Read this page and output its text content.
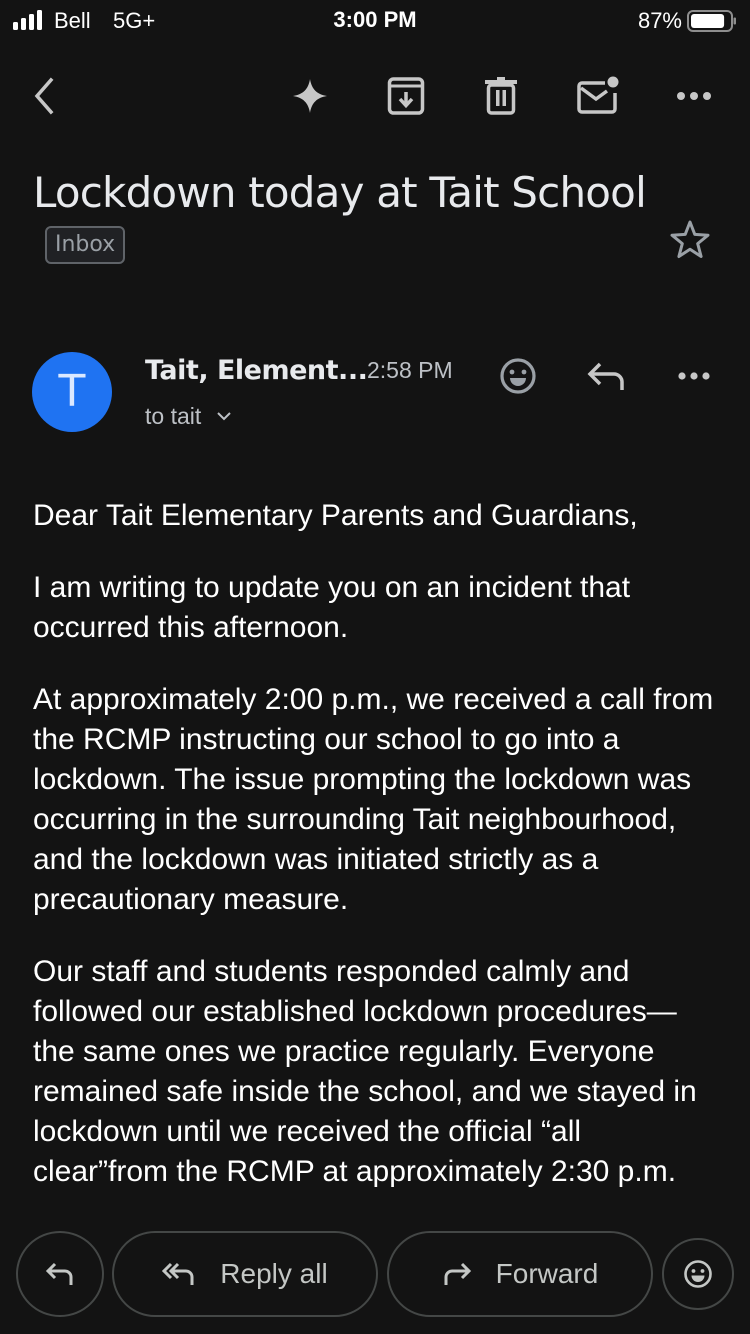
Bell 5G+	3:00 PM	87%
Lockdown today at Tait SchoolInbox
T	Tait, Element... 2:58 PM
to tait

Dear Tait Elementary Parents and Guardians,

I am writing to update you on an incident that occurred this afternoon.

At approximately 2:00 p.m., we received a call from the RCMP instructing our school to go into a lockdown. The issue prompting the lockdown was occurring in the surrounding Tait neighbourhood, and the lockdown was initiated strictly as a precautionary measure.

Our staff and students responded calmly and followed our established lockdown procedures—the same ones we practice regularly. Everyone remained safe inside the school, and we stayed in lockdown until we received the official “all clear”from the RCMP at approximately 2:30 p.m.

Reply all	Forward
